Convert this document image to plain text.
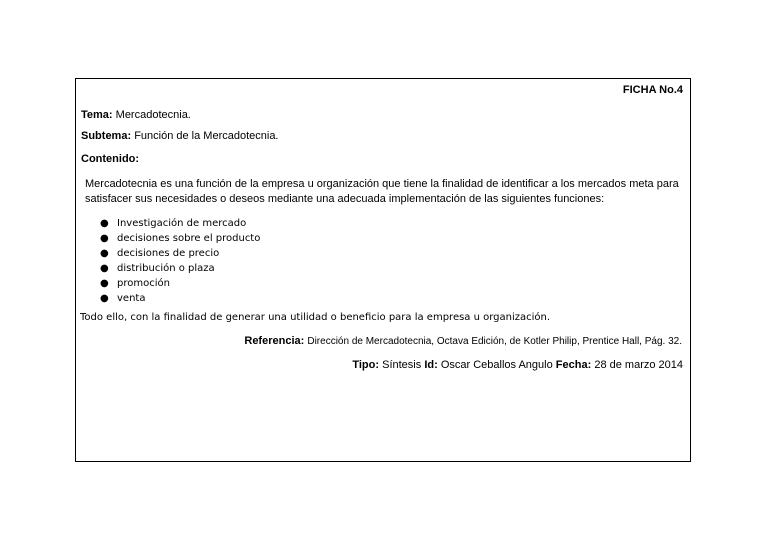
FICHA No.4
Tema: Mercadotecnia.
Subtema: Función de la Mercadotecnia.
Contenido:
Mercadotecnia es una función de la empresa u organización que tiene la finalidad de identificar a los mercados meta para
satisfacer sus necesidades o deseos mediante una adecuada implementación de las siguientes funciones:
● Investigación de mercado
● decisiones sobre el producto
● decisiones de precio
● distribución o plaza
● promoción
● venta
Todo ello, con la finalidad de generar una utilidad o beneficio para la empresa u organización.
Referencia: Dirección de Mercadotecnia, Octava Edición, de Kotler Philip, Prentice Hall, Pág. 32.
Tipo: Síntesis Id: Oscar Ceballos Angulo Fecha: 28 de marzo 2014
